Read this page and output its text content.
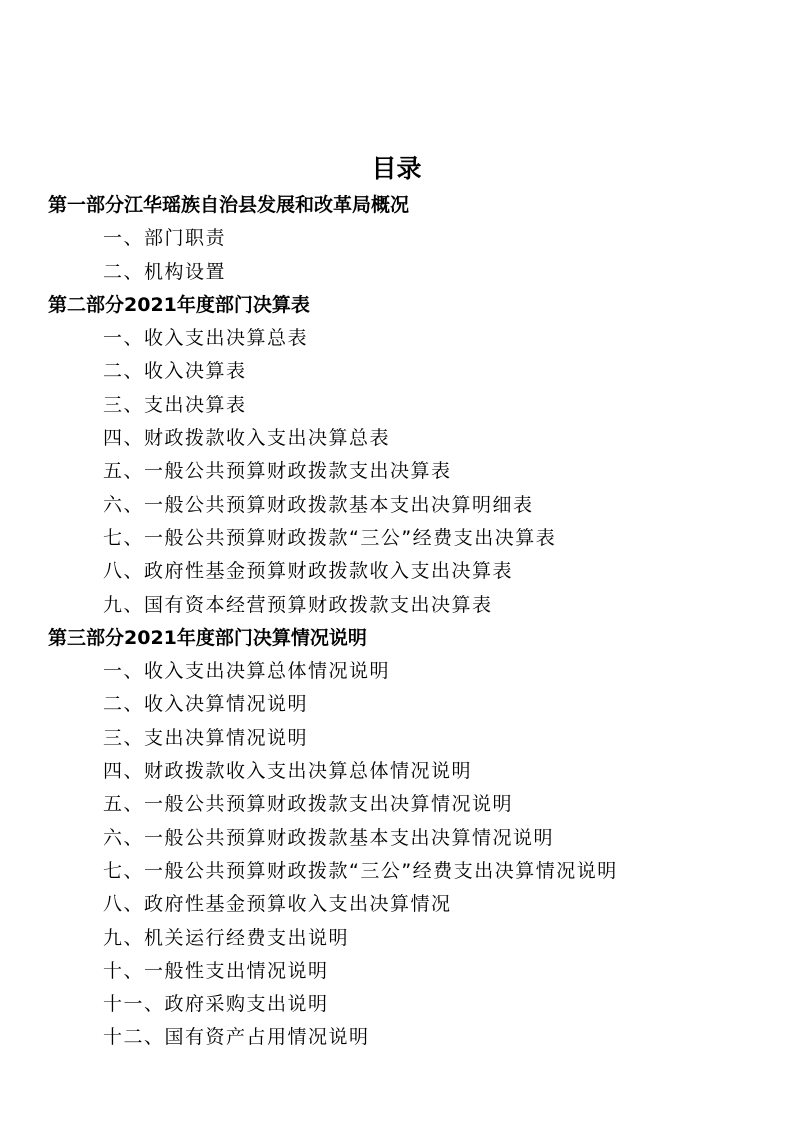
目录
第一部分江华瑶族自治县发展和改革局概况
一、部门职责
二、机构设置
第二部分2021年度部门决算表
一、收入支出决算总表
二、收入决算表
三、支出决算表
四、财政拨款收入支出决算总表
五、一般公共预算财政拨款支出决算表
六、一般公共预算财政拨款基本支出决算明细表
七、一般公共预算财政拨款“三公”经费支出决算表
八、政府性基金预算财政拨款收入支出决算表
九、国有资本经营预算财政拨款支出决算表
第三部分2021年度部门决算情况说明
一、收入支出决算总体情况说明
二、收入决算情况说明
三、支出决算情况说明
四、财政拨款收入支出决算总体情况说明
五、一般公共预算财政拨款支出决算情况说明
六、一般公共预算财政拨款基本支出决算情况说明
七、一般公共预算财政拨款“三公”经费支出决算情况说明
八、政府性基金预算收入支出决算情况
九、机关运行经费支出说明
十、一般性支出情况说明
十一、政府采购支出说明
十二、国有资产占用情况说明
